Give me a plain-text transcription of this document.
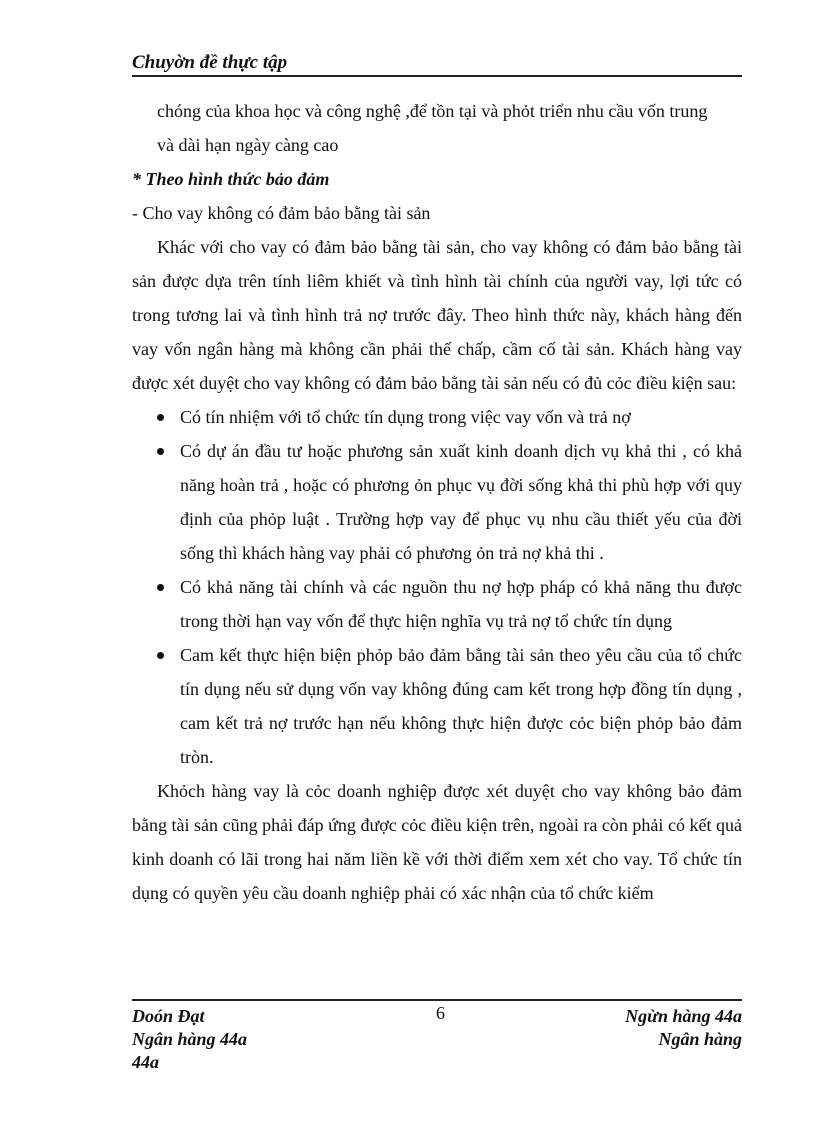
Chuyờn đề thực tập

chóng của khoa học và công nghệ ,để tồn tại và phỏt triển nhu cầu vốn trung

và dài hạn ngày càng cao

* Theo hình thức bảo đảm

- Cho vay không có đảm bảo bằng tài sản

Khác với cho vay có đảm bảo bằng tài sản, cho vay không có đảm bảo bằng tài sản được dựa trên tính liêm khiết và tình hình tài chính của người vay, lợi tức có trong tương lai và tình hình trả nợ trước đây. Theo hình thức này, khách hàng đến vay vốn ngân hàng mà không cần phải thế chấp, cầm cố tài sản. Khách hàng vay được xét duyệt cho vay không có đảm bảo bằng tài sản nếu có đủ cỏc điều kiện sau:

Có tín nhiệm với tổ chức tín dụng trong việc vay vốn và trả nợ
Có dự án đầu tư hoặc phương sản xuất kinh doanh dịch vụ khả thi , có khả năng hoàn trả , hoặc có phương ỏn phục vụ đời sống khả thi phù hợp với quy định của phỏp luật . Trường hợp vay để phục vụ nhu cầu thiết yếu của đời sống thì khách hàng vay phải có phương ỏn trả nợ khả thi .
Có khả năng tài chính và các nguồn thu nợ hợp pháp có khả năng thu được trong thời hạn vay vốn để thực hiện nghĩa vụ trả nợ tổ chức tín dụng
Cam kết thực hiện biện phỏp bảo đảm bằng tài sản theo yêu cầu của tổ chức tín dụng nếu sử dụng vốn vay không đúng cam kết trong hợp đồng tín dụng , cam kết trả nợ trước hạn nếu không thực hiện được cỏc biện phỏp bảo đảm tròn.

Khỏch hàng vay là cỏc doanh nghiệp được xét duyệt cho vay không bảo đảm bằng tài sản cũng phải đáp ứng được cỏc điều kiện trên, ngoài ra còn phải có kết quả kinh doanh có lãi trong hai năm liền kề với thời điểm xem xét cho vay. Tổ chức tín dụng có quyền yêu cầu doanh nghiệp phải có xác nhận của tổ chức kiểm

Doón Đạt	6	Ngừn hàng 44a
Ngân hàng 44a	Ngân hàng
44a
